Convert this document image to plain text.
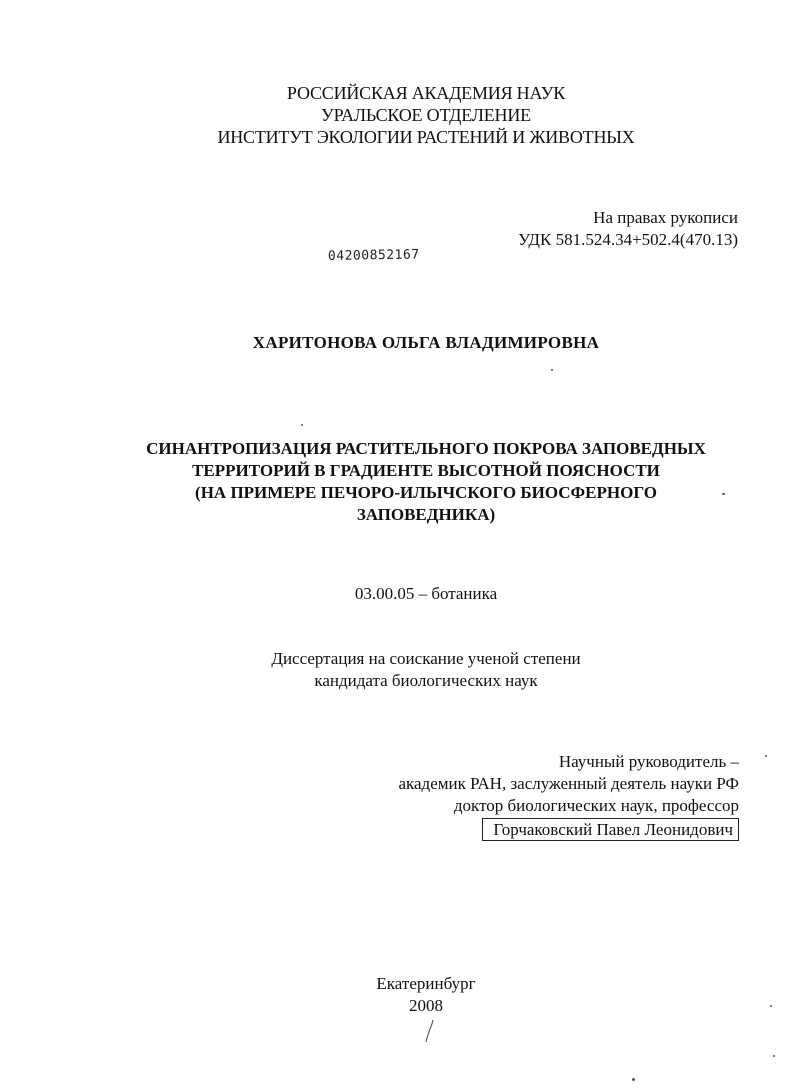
РОССИЙСКАЯ АКАДЕМИЯ НАУК
УРАЛЬСКОЕ ОТДЕЛЕНИЕ
ИНСТИТУТ ЭКОЛОГИИ РАСТЕНИЙ И ЖИВОТНЫХ
На правах рукописи
УДК 581.524.34+502.4(470.13)
04200852167
ХАРИТОНОВА ОЛЬГА ВЛАДИМИРОВНА
СИНАНТРОПИЗАЦИЯ РАСТИТЕЛЬНОГО ПОКРОВА ЗАПОВЕДНЫХ
ТЕРРИТОРИЙ В ГРАДИЕНТЕ ВЫСОТНОЙ ПОЯСНОСТИ
(НА ПРИМЕРЕ ПЕЧОРО-ИЛЫЧСКОГО БИОСФЕРНОГО
ЗАПОВЕДНИКА)
03.00.05 – ботаника
Диссертация на соискание ученой степени
кандидата биологических наук
Научный руководитель –
академик РАН, заслуженный деятель науки РФ
доктор биологических наук, профессор
Горчаковский Павел Леонидович
Екатеринбург
2008
